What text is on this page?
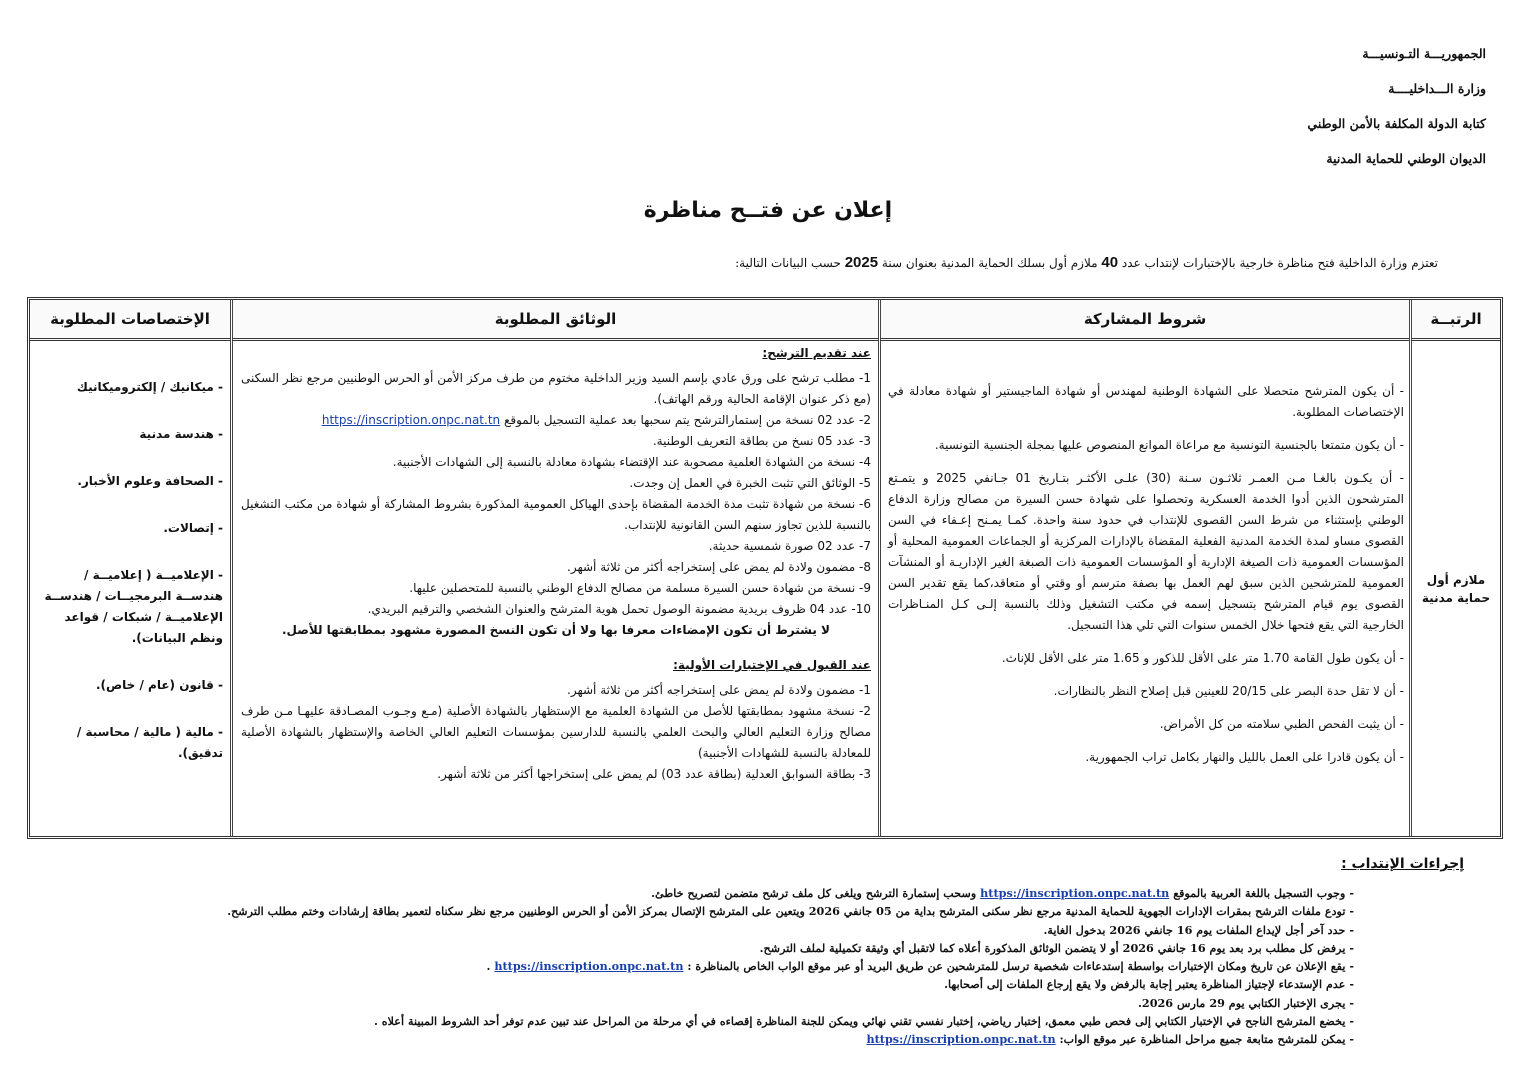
الجمهوريـــة التـونسيـــة
وزارة الـــداخليــــة
كتابة الدولة المكلفة بالأمن الوطني
الديوان الوطني للحماية المدنية
إعلان عن فتــح مناظرة
تعتزم وزارة الداخلية فتح مناظرة خارجية بالإختبارات لإنتداب عدد 40 ملازم أول بسلك الحماية المدنية بعنوان سنة 2025 حسب البيانات التالية:
الرتبــة
شروط المشاركة
الوثائق المطلوبة
الإختصاصات المطلوبة
ملازم أول حماية مدنية
- أن يكون المترشح متحصلا على الشهادة الوطنية لمهندس أو شهادة الماجيستير أو شهادة معادلة في الإختصاصات المطلوبة.
- أن يكون متمتعا بالجنسية التونسية مع مراعاة الموانع المنصوص عليها بمجلة الجنسية التونسية.
- أن يكـون بالغـا مـن العمـر ثلاثـون سـنة (30) علـى الأكثـر بتـاريخ 01 جـانفي 2025 و يتمـتع المترشحون الذين أدوا الخدمة العسكرية وتحصلوا على شهادة حسن السيرة من مصالح وزارة الدفاع الوطني بإستثناء من شرط السن القصوى للإنتداب في حدود سنة واحدة. كمـا يمـنح إعـفاء في السن القصوى مساو لمدة الخدمة المدنية الفعلية المقضاة بالإدارات المركزية أو الجماعات العمومية المحلية أو المؤسسات العمومية ذات الصيغة الإدارية أو المؤسسات العمومية ذات الصبغة الغير الإداريـة أو المنشآت العمومية للمترشحين الذين سبق لهم العمل بها بصفة مترسم أو وقتي أو متعاقد،كما يقع تقدير السن القصوى يوم قيام المترشح بتسجيل إسمه في مكتب التشغيل وذلك بالنسبة إلـى كـل المنـاظرات الخارجية التي يقع فتحها خلال الخمس سنوات التي تلي هذا التسجيل.
- أن يكون طول القامة 1.70 متر على الأقل للذكور و 1.65 متر على الأقل للإناث.
- أن لا تقل حدة البصر على 20/15 للعينين قبل إصلاح النظر بالنظارات.
- أن يثبت الفحص الطبي سلامته من كل الأمراض.
- أن يكون قادرا على العمل بالليل والنهار بكامل تراب الجمهورية.
عند تقديم الترشح:
1- مطلب ترشح على ورق عادي بإسم السيد وزير الداخلية مختوم من طرف مركز الأمن أو الحرس الوطنيين مرجع نظر السكنى (مع ذكر عنوان الإقامة الحالية ورقم الهاتف).
2- عدد 02 نسخة من إستمارالترشح يتم سحبها بعد عملية التسجيل بالموقع https://inscription.onpc.nat.tn
3- عدد 05 نسخ من بطاقة التعريف الوطنية.
4- نسخة من الشهادة العلمية مصحوبة عند الإقتضاء بشهادة معادلة بالنسبة إلى الشهادات الأجنبية.
5- الوثائق التي تثبت الخبرة في العمل إن وجدت.
6- نسخة من شهادة تثبت مدة الخدمة المقضاة بإحدى الهياكل العمومية المذكورة بشروط المشاركة أو شهادة من مكتب التشغيل بالنسبة للذين تجاوز سنهم السن القانونية للإنتداب.
7- عدد 02 صورة شمسية حديثة.
8- مضمون ولادة لم يمض على إستخراجه أكثر من ثلاثة أشهر.
9- نسخة من شهادة حسن السيرة مسلمة من مصالح الدفاع الوطني بالنسبة للمتحصلين عليها.
10- عدد 04 ظروف بريدية مضمونة الوصول تحمل هوية المترشح والعنوان الشخصي والترقيم البريدي.
لا يشترط أن تكون الإمضاءات معرفا بها ولا أن تكون النسخ المصورة مشهود بمطابقتها للأصل.
عند القبول في الإختبارات الأولية:
1- مضمون ولادة لم يمض على إستخراجه أكثر من ثلاثة أشهر.
2- نسخة مشهود بمطابقتها للأصل من الشهادة العلمية مع الإستظهار بالشهادة الأصلية (مـع وجـوب المصـادقة عليهـا مـن طرف مصالح وزارة التعليم العالي والبحث العلمي بالنسبة للدارسين بمؤسسات التعليم العالي الخاصة والإستظهار بالشهادة الأصلية للمعادلة بالنسبة للشهادات الأجنبية)
3- بطاقة السوابق العدلية (بطاقة عدد 03) لم يمض على إستخراجها أكثر من ثلاثة أشهر.
- ميكانيك / إلكتروميكانيك
- هندسة مدنية
- الصحافة وعلوم الأخبار.
- إتصالات.
- الإعلاميــة ( إعلاميــة / هندســة البرمجيــات / هندســة الإعلاميــة / شبكات / قواعد ونظم البيانات).
- قانون (عام / خاص).
- مالية ( مالية / محاسبة / تدقيق).
إجراءات الإنتداب :
- وجوب التسجيل باللغة العربية بالموقع https://inscription.onpc.nat.tn وسحب إستمارة الترشح ويلغى كل ملف ترشح متضمن لتصريح خاطئ.
- تودع ملفات الترشح بمقرات الإدارات الجهوية للحماية المدنية مرجع نظر سكنى المترشح بداية من 05 جانفي 2026 ويتعين على المترشح الإتصال بمركز الأمن أو الحرس الوطنيين مرجع نظر سكناه لتعمير بطاقة إرشادات وختم مطلب الترشح.
- حدد آخر أجل لإيداع الملفات يوم 16 جانفي 2026 بدخول الغاية.
- يرفض كل مطلب برد بعد يوم 16 جانفي 2026 أو لا يتضمن الوثائق المذكورة أعلاه كما لاتقبل أي وثيقة تكميلية لملف الترشح.
- يقع الإعلان عن تاريخ ومكان الإختبارات بواسطة إستدعاءات شخصية ترسل للمترشحين عن طريق البريد أو عبر موقع الواب الخاص بالمناظرة : https://inscription.onpc.nat.tn .
- عدم الإستدعاء لإجتياز المناظرة يعتبر إجابة بالرفض ولا يقع إرجاع الملفات إلى أصحابها.
- يجرى الإختبار الكتابي يوم 29 مارس 2026.
- يخضع المترشح الناجح في الإختبار الكتابي إلى فحص طبي معمق، إختبار رياضي، إختبار نفسي تقني نهائي ويمكن للجنة المناظرة إقصاءه في أي مرحلة من المراحل عند تبين عدم توفر أحد الشروط المبينة أعلاه .
- يمكن للمترشح متابعة جميع مراحل المناظرة عبر موقع الواب: https://inscription.onpc.nat.tn
